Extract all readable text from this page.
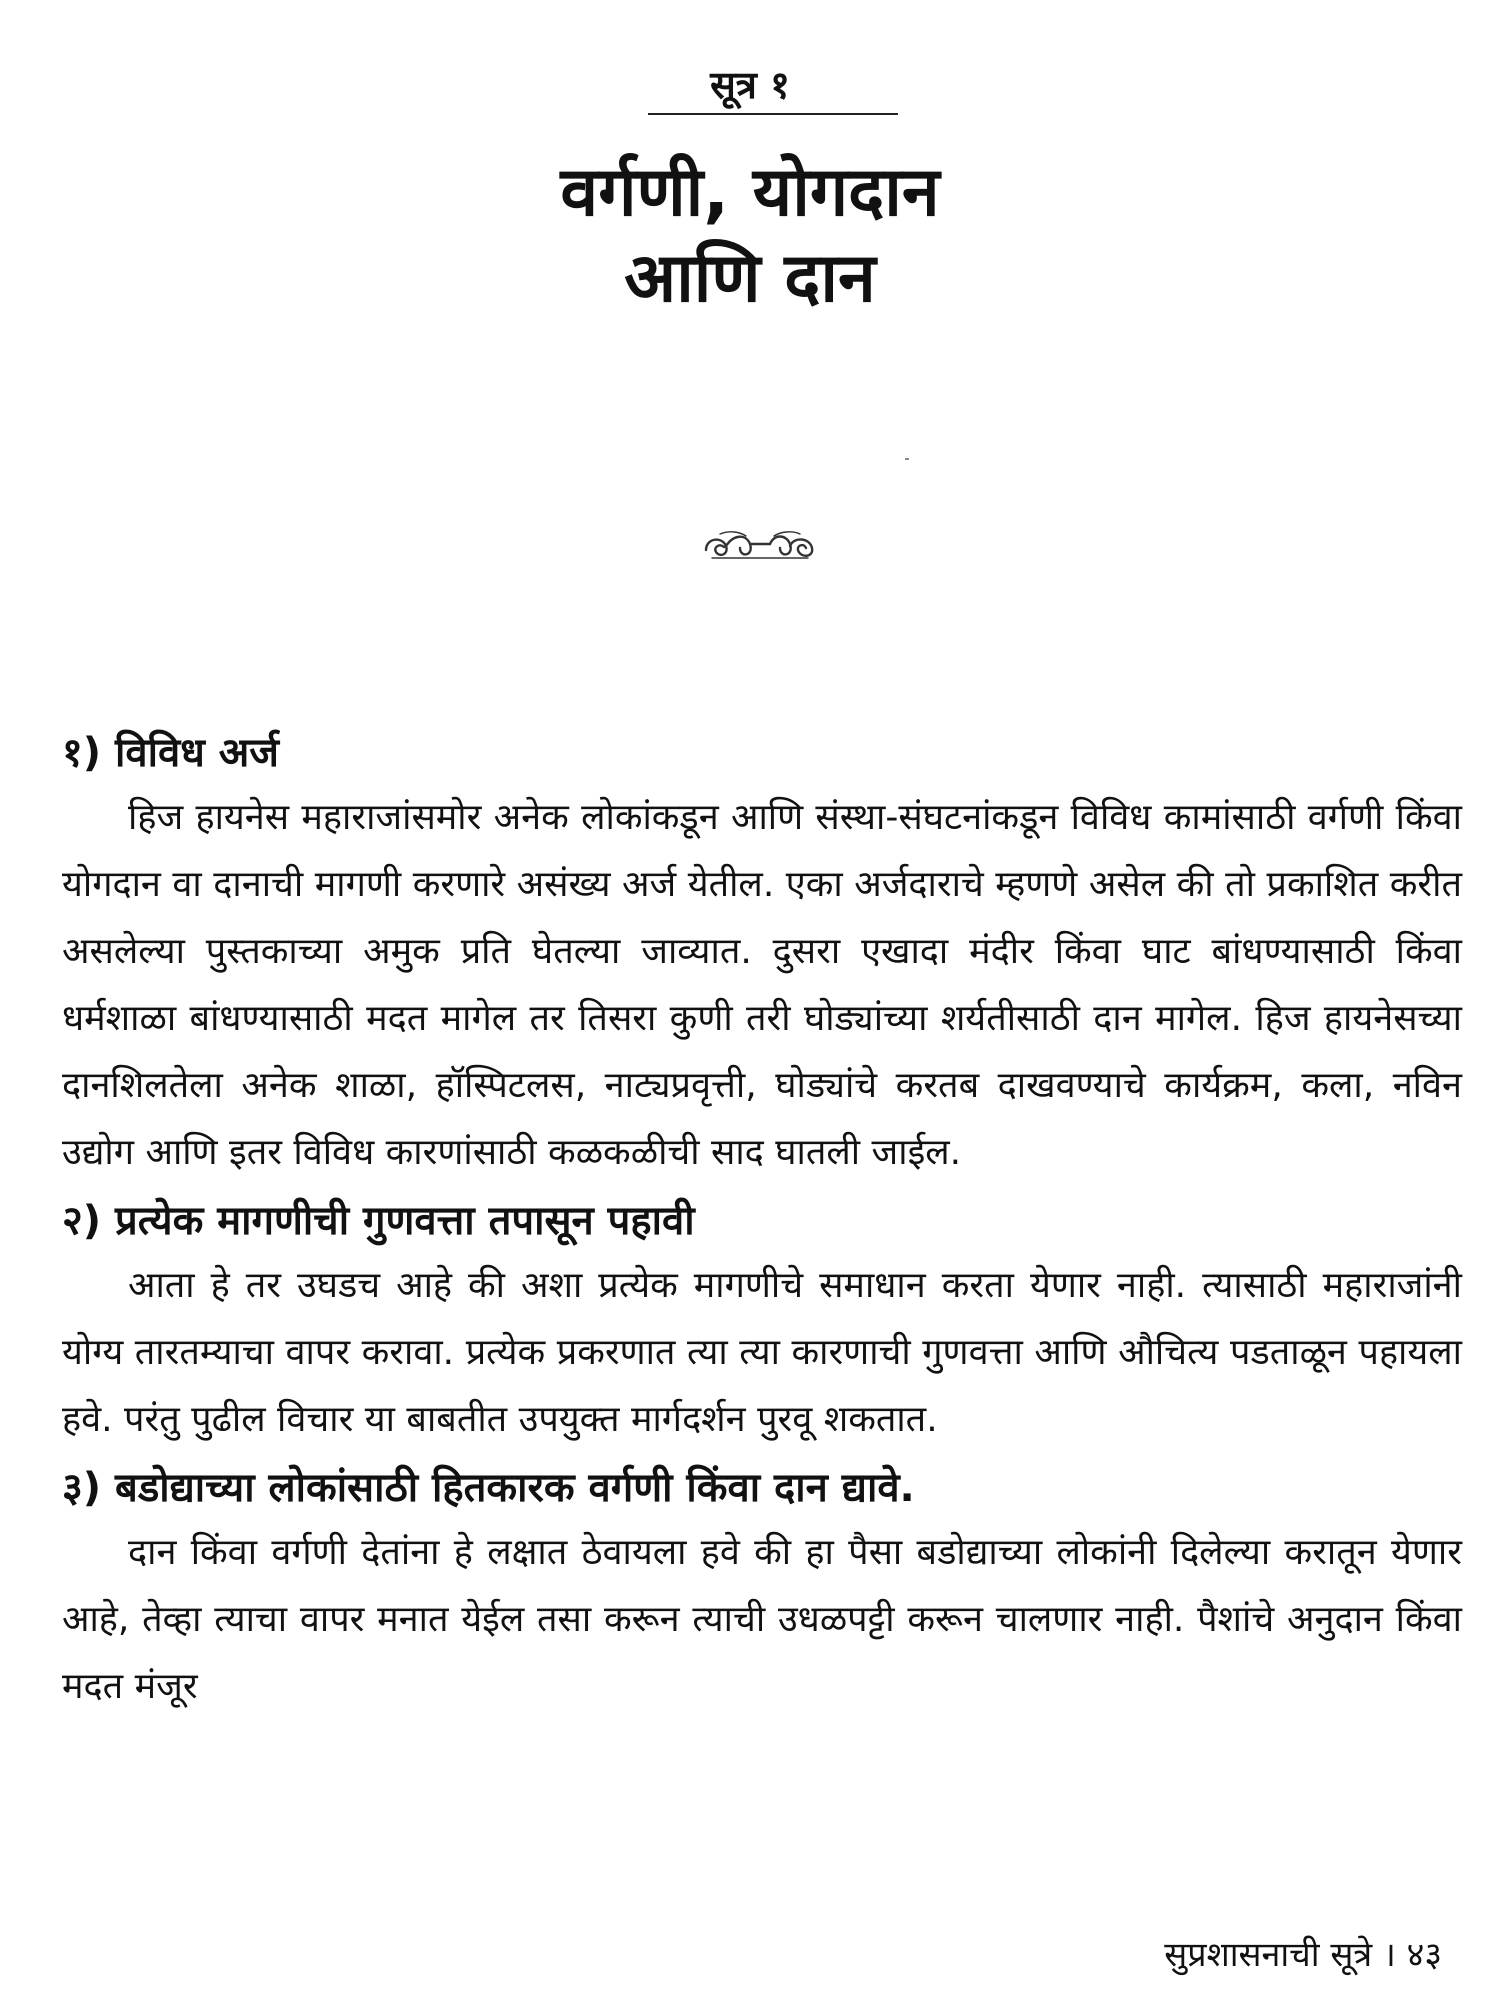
सूत्र १
वर्गणी, योगदान
आणि दान
१) विविध अर्ज

हिज हायनेस महाराजांसमोर अनेक लोकांकडून आणि संस्था-संघटनांकडून विविध कामांसाठी वर्गणी किंवा योगदान वा दानाची मागणी करणारे असंख्य अर्ज येतील. एका अर्जदाराचे म्हणणे असेल की तो प्रकाशित करीत असलेल्या पुस्तकाच्या अमुक प्रति घेतल्या जाव्यात. दुसरा एखादा मंदीर किंवा घाट बांधण्यासाठी किंवा धर्मशाळा बांधण्यासाठी मदत मागेल तर तिसरा कुणी तरी घोड्यांच्या शर्यतीसाठी दान मागेल. हिज हायनेसच्या दानशिलतेला अनेक शाळा, हॉस्पिटलस, नाट्यप्रवृत्ती, घोड्यांचे करतब दाखवण्याचे कार्यक्रम, कला, नविन उद्योग आणि इतर विविध कारणांसाठी कळकळीची साद घातली जाईल.

२) प्रत्येक मागणीची गुणवत्ता तपासून पहावी

आता हे तर उघडच आहे की अशा प्रत्येक मागणीचे समाधान करता येणार नाही. त्यासाठी महाराजांनी योग्य तारतम्याचा वापर करावा. प्रत्येक प्रकरणात त्या त्या कारणाची गुणवत्ता आणि औचित्य पडताळून पहायला हवे. परंतु पुढील विचार या बाबतीत उपयुक्त मार्गदर्शन पुरवू शकतात.

३) बडोद्याच्या लोकांसाठी हितकारक वर्गणी किंवा दान द्यावे.

दान किंवा वर्गणी देतांना हे लक्षात ठेवायला हवे की हा पैसा बडोद्याच्या लोकांनी दिलेल्या करातून येणार आहे, तेव्हा त्याचा वापर मनात येईल तसा करून त्याची उधळपट्टी करून चालणार नाही. पैशांचे अनुदान किंवा मदत मंजूर

सुप्रशासनाची सूत्रे । ४३
